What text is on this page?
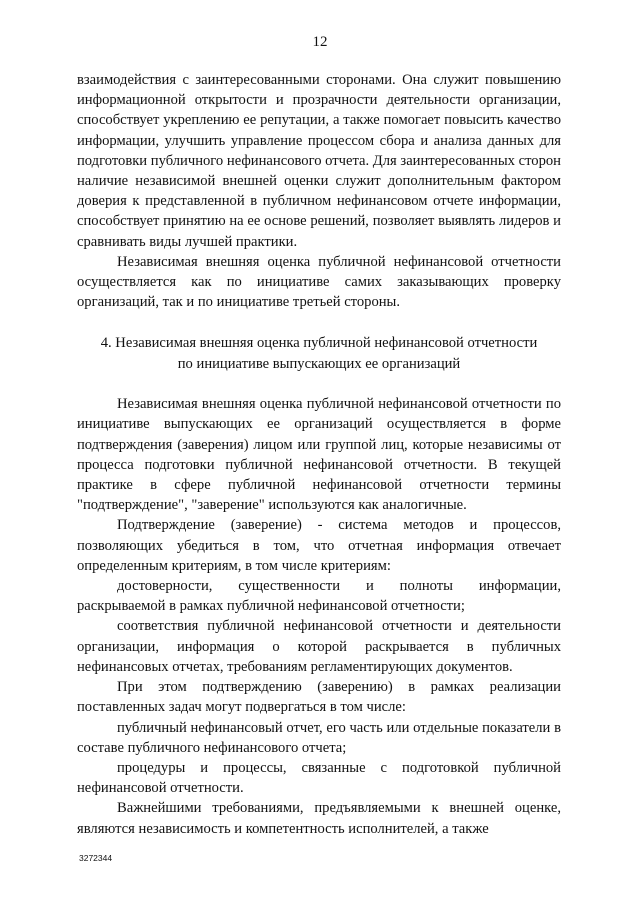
12

взаимодействия с заинтересованными сторонами. Она служит повышению информационной открытости и прозрачности деятельности организации, способствует укреплению ее репутации, а также помогает повысить качество информации, улучшить управление процессом сбора и анализа данных для подготовки публичного нефинансового отчета. Для заинтересованных сторон наличие независимой внешней оценки служит дополнительным фактором доверия к представленной в публичном нефинансовом отчете информации, способствует принятию на ее основе решений, позволяет выявлять лидеров и сравнивать виды лучшей практики.

Независимая внешняя оценка публичной нефинансовой отчетности осуществляется как по инициативе самих заказывающих проверку организаций, так и по инициативе третьей стороны.

4. Независимая внешняя оценка публичной нефинансовой отчетности
по инициативе выпускающих ее организаций

Независимая внешняя оценка публичной нефинансовой отчетности по инициативе выпускающих ее организаций осуществляется в форме подтверждения (заверения) лицом или группой лиц, которые независимы от процесса подготовки публичной нефинансовой отчетности. В текущей практике в сфере публичной нефинансовой отчетности термины "подтверждение", "заверение" используются как аналогичные.

Подтверждение (заверение) - система методов и процессов, позволяющих убедиться в том, что отчетная информация отвечает определенным критериям, в том числе критериям:

достоверности, существенности и полноты информации, раскрываемой в рамках публичной нефинансовой отчетности;

соответствия публичной нефинансовой отчетности и деятельности организации, информация о которой раскрывается в публичных нефинансовых отчетах, требованиям регламентирующих документов.

При этом подтверждению (заверению) в рамках реализации поставленных задач могут подвергаться в том числе:

публичный нефинансовый отчет, его часть или отдельные показатели в составе публичного нефинансового отчета;

процедуры и процессы, связанные с подготовкой публичной нефинансовой отчетности.

Важнейшими требованиями, предъявляемыми к внешней оценке, являются независимость и компетентность исполнителей, а также

3272344
